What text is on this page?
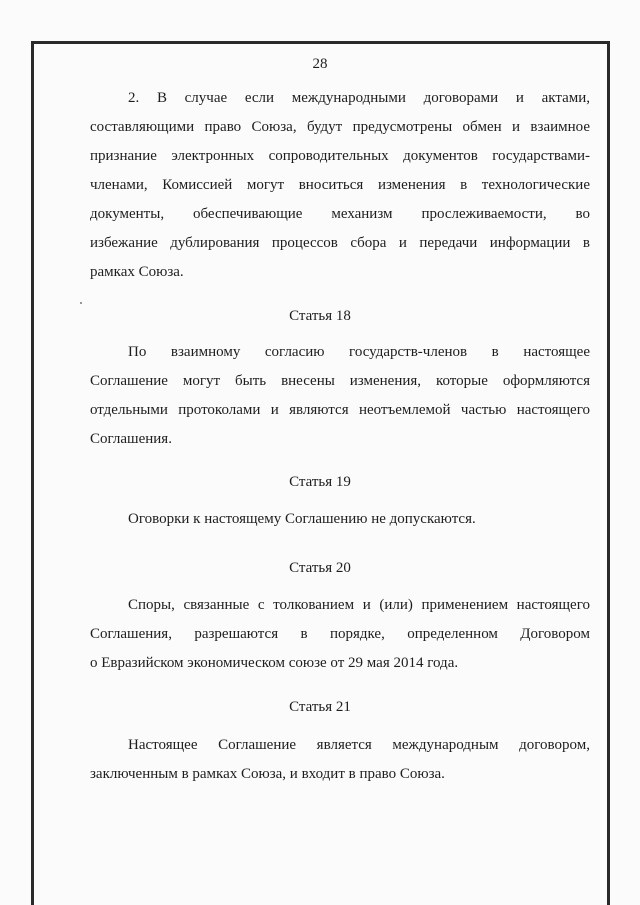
28
2. В случае если международными договорами и актами,
составляющими право Союза, будут предусмотрены обмен и взаимное
признание электронных сопроводительных документов государствами-
членами, Комиссией могут вноситься изменения в технологические
документы, обеспечивающие механизм прослеживаемости, во
избежание дублирования процессов сбора и передачи информации в
рамках Союза.
Статья 18
По взаимному согласию государств-членов в настоящее
Соглашение могут быть внесены изменения, которые оформляются
отдельными протоколами и являются неотъемлемой частью настоящего
Соглашения.
Статья 19
Оговорки к настоящему Соглашению не допускаются.
Статья 20
Споры, связанные с толкованием и (или) применением настоящего
Соглашения, разрешаются в порядке, определенном Договором
о Евразийском экономическом союзе от 29 мая 2014 года.
Статья 21
Настоящее Соглашение является международным договором,
заключенным в рамках Союза, и входит в право Союза.
